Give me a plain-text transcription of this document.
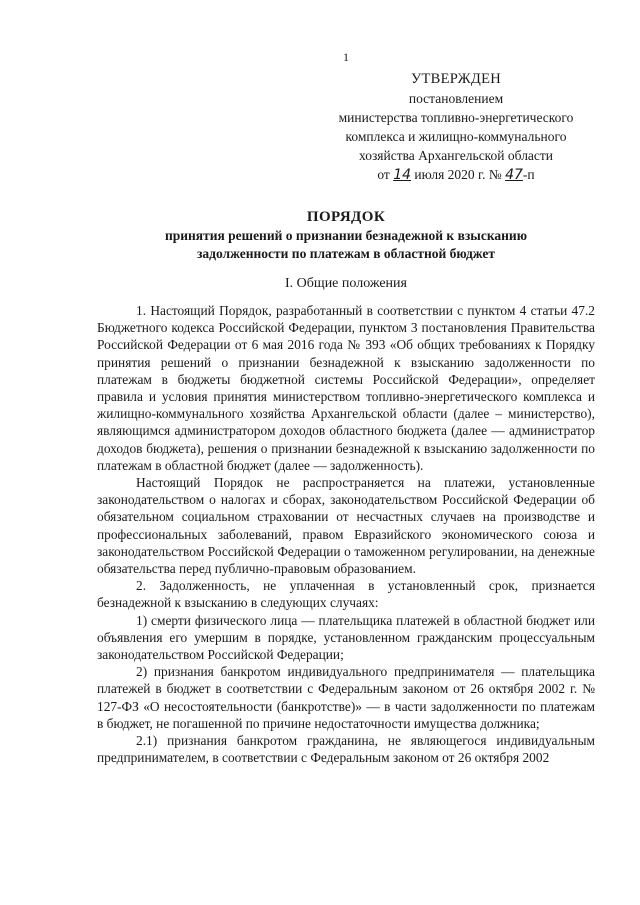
1
УТВЕРЖДЕН
постановлением
министерства топливно-энергетического
комплекса и жилищно-коммунального
хозяйства Архангельской области
от 14 июля 2020 г. № 47-п
ПОРЯДОК
принятия решений о признании безнадежной к взысканию
задолженности по платежам в областной бюджет
I. Общие положения

1. Настоящий Порядок, разработанный в соответствии с пунктом 4 статьи 47.2 Бюджетного кодекса Российской Федерации, пунктом 3 постановления Правительства Российской Федерации от 6 мая 2016 года № 393 «Об общих требованиях к Порядку принятия решений о признании безнадежной к взысканию задолженности по платежам в бюджеты бюджетной системы Российской Федерации», определяет правила и условия принятия министерством топливно-энергетического комплекса и жилищно-коммунального хозяйства Архангельской области (далее – министерство), являющимся администратором доходов областного бюджета (далее — администратор доходов бюджета), решения о признании безнадежной к взысканию задолженности по платежам в областной бюджет (далее — задолженность).

Настоящий Порядок не распространяется на платежи, установленные законодательством о налогах и сборах, законодательством Российской Федерации об обязательном социальном страховании от несчастных случаев на производстве и профессиональных заболеваний, правом Евразийского экономического союза и законодательством Российской Федерации о таможенном регулировании, на денежные обязательства перед публично-правовым образованием.

2. Задолженность, не уплаченная в установленный срок, признается безнадежной к взысканию в следующих случаях:

1) смерти физического лица — плательщика платежей в областной бюджет или объявления его умершим в порядке, установленном гражданским процессуальным законодательством Российской Федерации;

2) признания банкротом индивидуального предпринимателя — плательщика платежей в бюджет в соответствии с Федеральным законом от 26 октября 2002 г. № 127-ФЗ «О несостоятельности (банкротстве)» — в части задолженности по платежам в бюджет, не погашенной по причине недостаточности имущества должника;

2.1) признания банкротом гражданина, не являющегося индивидуальным предпринимателем, в соответствии с Федеральным законом от 26 октября 2002
